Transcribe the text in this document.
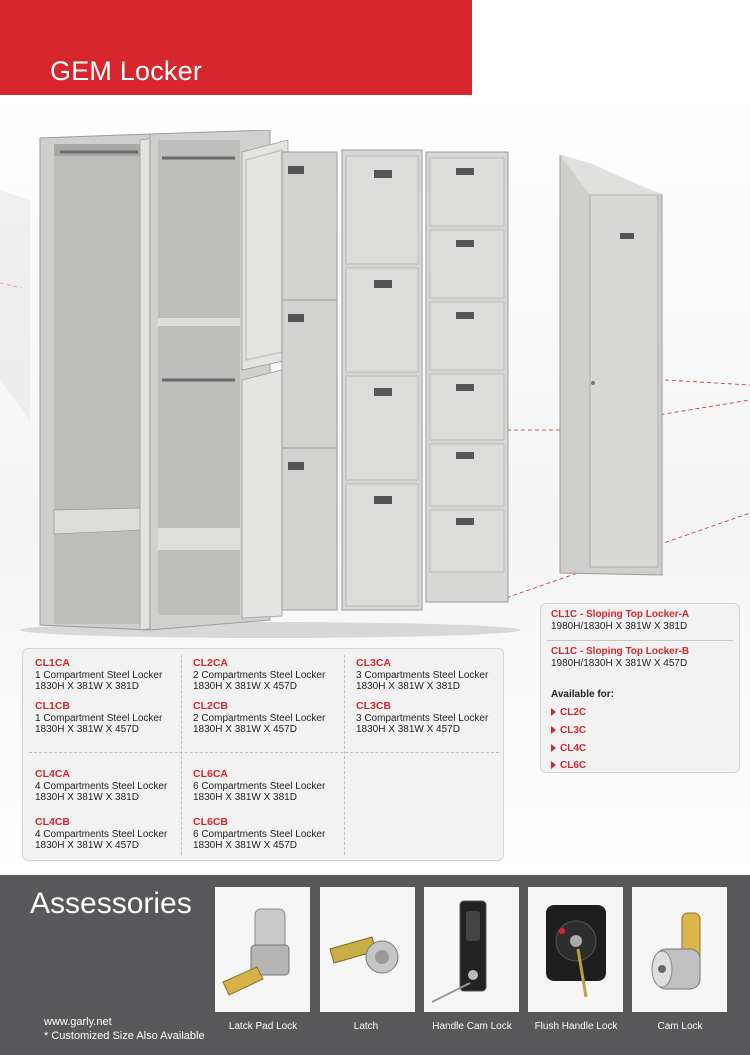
GEM Locker
CL1CA
1 Compartment Steel Locker
1830H X 381W X 381D
CL1CB
1 Compartment Steel Locker
1830H X 381W X 457D
CL2CA
2 Compartments Steel Locker
1830H X 381W X 457D
CL2CB
2 Compartments Steel Locker
1830H X 381W X 457D
CL3CA
3 Compartments Steel Locker
1830H X 381W X 381D
CL3CB
3 Compartments Steel Locker
1830H X 381W X 457D
CL4CA
4 Compartments Steel Locker
1830H X 381W X 381D
CL4CB
4 Compartments Steel Locker
1830H X 381W X 457D
CL6CA
6 Compartments Steel Locker
1830H X 381W X 381D
CL6CB
6 Compartments Steel Locker
1830H X 381W X 457D
CL1C - Sloping Top Locker-A
1980H/1830H X 381W X 381D
CL1C - Sloping Top Locker-B
1980H/1830H X 381W X 457D
Available for:
CL2C
CL3C
CL4C
CL6C
Assessories
Latck Pad Lock	Latch	Handle Cam Lock	Flush Handle Lock	Cam Lock
www.garly.net
* Customized Size Also Available
